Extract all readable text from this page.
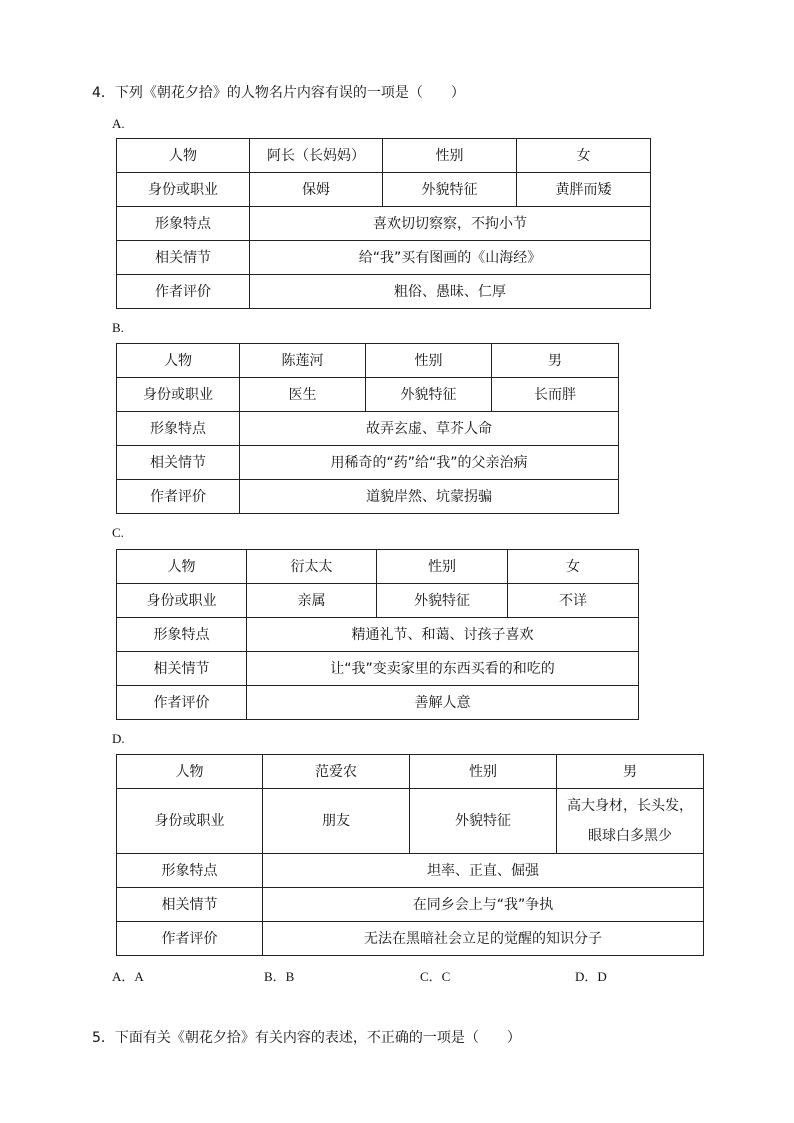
4．下列《朝花夕拾》的人物名片内容有误的一项是（　　）
A.
人物	阿长（长妈妈）	性别	女
身份或职业	保姆	外貌特征	黄胖而矮
形象特点	喜欢切切察察，不拘小节		
相关情节	给“我”买有图画的《山海经》		
作者评价	粗俗、愚昧、仁厚		
B.
人物	陈莲河	性别	男
身份或职业	医生	外貌特征	长而胖
形象特点	故弄玄虚、草芥人命		
相关情节	用稀奇的“药”给“我”的父亲治病		
作者评价	道貌岸然、坑蒙拐骗		
C.
人物	衍太太	性别	女
身份或职业	亲属	外貌特征	不详
形象特点	精通礼节、和蔼、讨孩子喜欢		
相关情节	让“我”变卖家里的东西买看的和吃的		
作者评价	善解人意		
D.
人物	范爱农	性别	男
身份或职业	朋友	外貌特征	高大身材，长头发，眼球白多黑少
形象特点	坦率、正直、倔强		
相关情节	在同乡会上与“我”争执		
作者评价	无法在黑暗社会立足的觉醒的知识分子		
A．A	B．B	C．C	D．D
5．下面有关《朝花夕拾》有关内容的表述，不正确的一项是（　　）
